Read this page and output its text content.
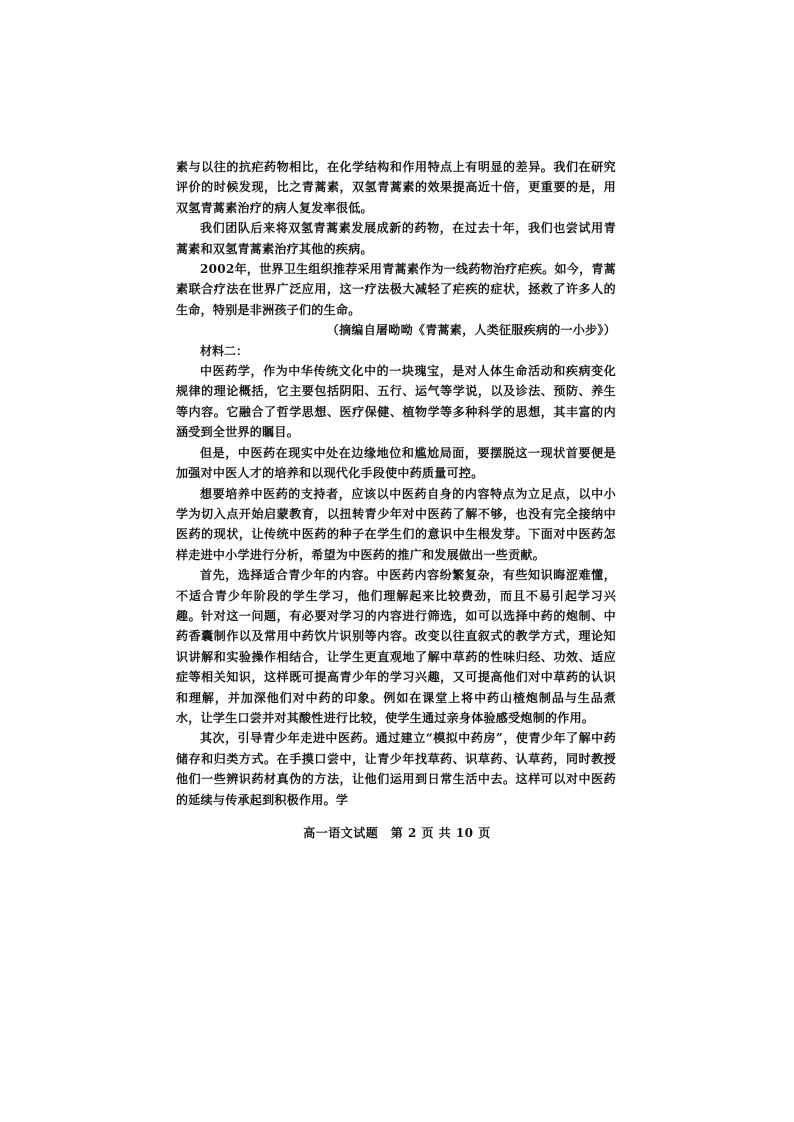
素与以往的抗疟药物相比，在化学结构和作用特点上有明显的差异。我们在研究评价的时候发现，比之青蒿素，双氢青蒿素的效果提高近十倍，更重要的是，用双氢青蒿素治疗的病人复发率很低。

我们团队后来将双氢青蒿素发展成新的药物，在过去十年，我们也尝试用青蒿素和双氢青蒿素治疗其他的疾病。

2002年，世界卫生组织推荐采用青蒿素作为一线药物治疗疟疾。如今，青蒿素联合疗法在世界广泛应用，这一疗法极大减轻了疟疾的症状，拯救了许多人的生命，特别是非洲孩子们的生命。

（摘编自屠呦呦《青蒿素，人类征服疾病的一小步》）

材料二：

中医药学，作为中华传统文化中的一块瑰宝，是对人体生命活动和疾病变化规律的理论概括，它主要包括阴阳、五行、运气等学说，以及诊法、预防、养生等内容。它融合了哲学思想、医疗保健、植物学等多种科学的思想，其丰富的内涵受到全世界的瞩目。

但是，中医药在现实中处在边缘地位和尴尬局面，要摆脱这一现状首要便是加强对中医人才的培养和以现代化手段使中药质量可控。

想要培养中医药的支持者，应该以中医药自身的内容特点为立足点，以中小学为切入点开始启蒙教育，以扭转青少年对中医药了解不够，也没有完全接纳中医药的现状，让传统中医药的种子在学生们的意识中生根发芽。下面对中医药怎样走进中小学进行分析，希望为中医药的推广和发展做出一些贡献。

首先，选择适合青少年的内容。中医药内容纷繁复杂，有些知识晦涩难懂，不适合青少年阶段的学生学习，他们理解起来比较费劲，而且不易引起学习兴趣。针对这一问题，有必要对学习的内容进行筛选，如可以选择中药的炮制、中药香囊制作以及常用中药饮片识别等内容。改变以往直叙式的教学方式，理论知识讲解和实验操作相结合，让学生更直观地了解中草药的性味归经、功效、适应症等相关知识，这样既可提高青少年的学习兴趣，又可提高他们对中草药的认识和理解，并加深他们对中药的印象。例如在课堂上将中药山楂炮制品与生品煮水，让学生口尝并对其酸性进行比较，使学生通过亲身体验感受炮制的作用。

其次，引导青少年走进中医药。通过建立“模拟中药房”，使青少年了解中药储存和归类方式。在手摸口尝中，让青少年找草药、识草药、认草药，同时教授他们一些辨识药材真伪的方法，让他们运用到日常生活中去。这样可以对中医药的延续与传承起到积极作用。学

高一语文试题　第 2 页 共 10 页
